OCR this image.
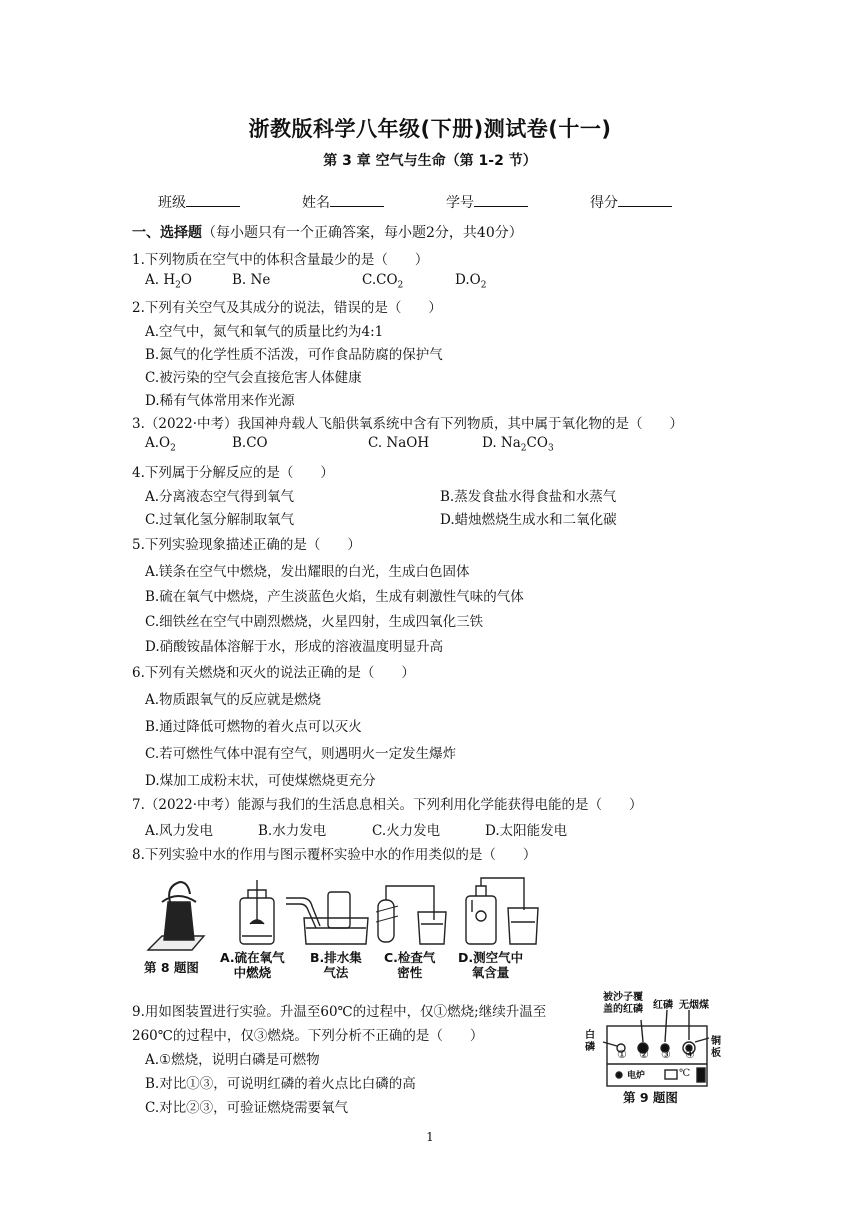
浙教版科学八年级(下册)测试卷(十一)
第 3 章 空气与生命（第 1-2 节）
班级	姓名	学号	得分
一、选择题（每小题只有一个正确答案，每小题2分，共40分）
1.下列物质在空气中的体积含量最少的是（　　）
A. $H_2O$	B. Ne	$C.CO_2$	$D.O_2$
2.下列有关空气及其成分的说法，错误的是（　　）
A.空气中，氮气和氧气的质量比约为4:1
B.氮气的化学性质不活泼，可作食品防腐的保护气
C.被污染的空气会直接危害人体健康
D.稀有气体常用来作光源
3.（2022·中考）我国神舟载人飞船供氧系统中含有下列物质，其中属于氧化物的是（　　）
$A.O_2$	B.CO	C. NaOH	D. $Na_2CO_3$
4.下列属于分解反应的是（　　）
A.分离液态空气得到氧气	B.蒸发食盐水得食盐和水蒸气
C.过氧化氢分解制取氧气	D.蜡烛燃烧生成水和二氧化碳
5.下列实验现象描述正确的是（　　）
A.镁条在空气中燃烧，发出耀眼的白光，生成白色固体
B.硫在氧气中燃烧，产生淡蓝色火焰，生成有刺激性气味的气体
C.细铁丝在空气中剧烈燃烧，火星四射，生成四氧化三铁
D.硝酸铵晶体溶解于水，形成的溶液温度明显升高
6.下列有关燃烧和灭火的说法正确的是（　　）
A.物质跟氧气的反应就是燃烧
B.通过降低可燃物的着火点可以灭火
C.若可燃性气体中混有空气，则遇明火一定发生爆炸
D.煤加工成粉末状，可使煤燃烧更充分
7.（2022·中考）能源与我们的生活息息相关。下列利用化学能获得电能的是（　　）
A.风力发电	B.水力发电	C.火力发电	D.太阳能发电
8.下列实验中水的作用与图示覆杯实验中水的作用类似的是（　　）
第 8 题图
A.硫在氧气
中燃烧
B.排水集
气法
C.检查气
密性
D.测空气中
氧含量
9.用如图装置进行实验。升温至60℃的过程中，仅①燃烧;继续升温至
260℃的过程中，仅③燃烧。下列分析不正确的是（　　）
A.①燃烧，说明白磷是可燃物
B.对比①③，可说明红磷的着火点比白磷的高
C.对比②③，可验证燃烧需要氧气
被沙子覆
盖的红磷 红磷 无烟煤
白
磷
铜
板
① ② ③ ④
电炉	℃
第 9 题图
1
